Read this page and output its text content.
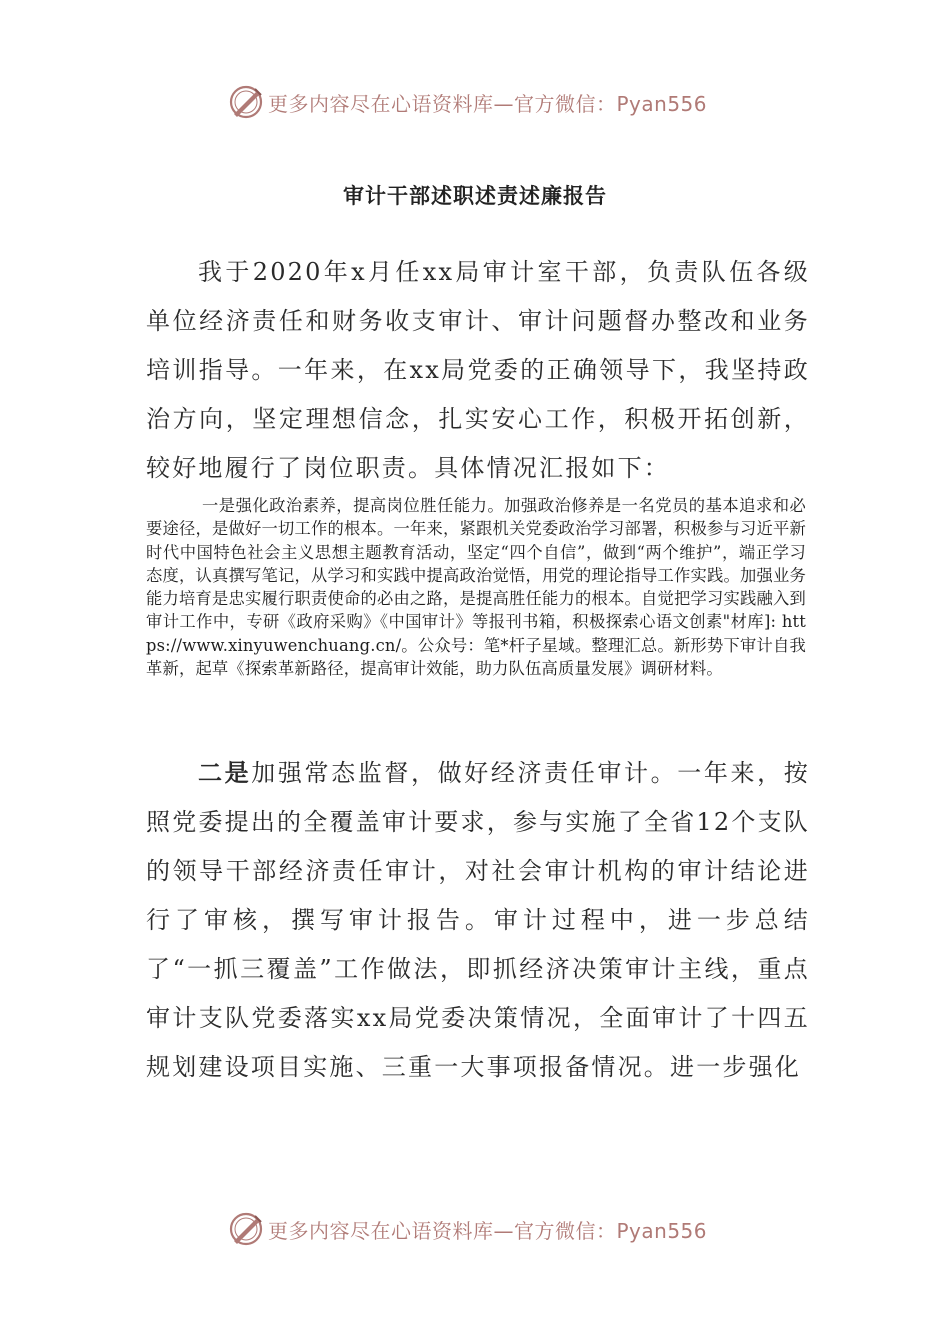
更多内容尽在心语资料库—官方微信：Pyan556
审计干部述职述责述廉报告

我于2020年x月任xx局审计室干部，负责队伍各级单位经济责任和财务收支审计、审计问题督办整改和业务培训指导。一年来，在xx局党委的正确领导下，我坚持政治方向，坚定理想信念，扎实安心工作，积极开拓创新，较好地履行了岗位职责。具体情况汇报如下：

一是强化政治素养，提高岗位胜任能力。加强政治修养是一名党员的基本追求和必要途径，是做好一切工作的根本。一年来，紧跟机关党委政治学习部署，积极参与习近平新时代中国特色社会主义思想主题教育活动，坚定“四个自信”，做到“两个维护”，端正学习态度，认真撰写笔记，从学习和实践中提高政治觉悟，用党的理论指导工作实践。加强业务能力培育是忠实履行职责使命的必由之路，是提高胜任能力的根本。自觉把学习实践融入到审计工作中，专研《政府采购》《中国审计》等报刊书箱，积极探索心语文创素"材库]: https://www.xinyuwenchuang.cn/。公众号：笔*杆子星域。整理汇总。新形势下审计自我革新，起草《探索革新路径，提高审计效能，助力队伍高质量发展》调研材料。

二是加强常态监督，做好经济责任审计。一年来，按照党委提出的全覆盖审计要求，参与实施了全省12个支队的领导干部经济责任审计，对社会审计机构的审计结论进行了审核，撰写审计报告。审计过程中，进一步总结了“一抓三覆盖”工作做法，即抓经济决策审计主线，重点审计支队党委落实xx局党委决策情况，全面审计了十四五规划建设项目实施、三重一大事项报备情况。进一步强化

更多内容尽在心语资料库—官方微信：Pyan556
